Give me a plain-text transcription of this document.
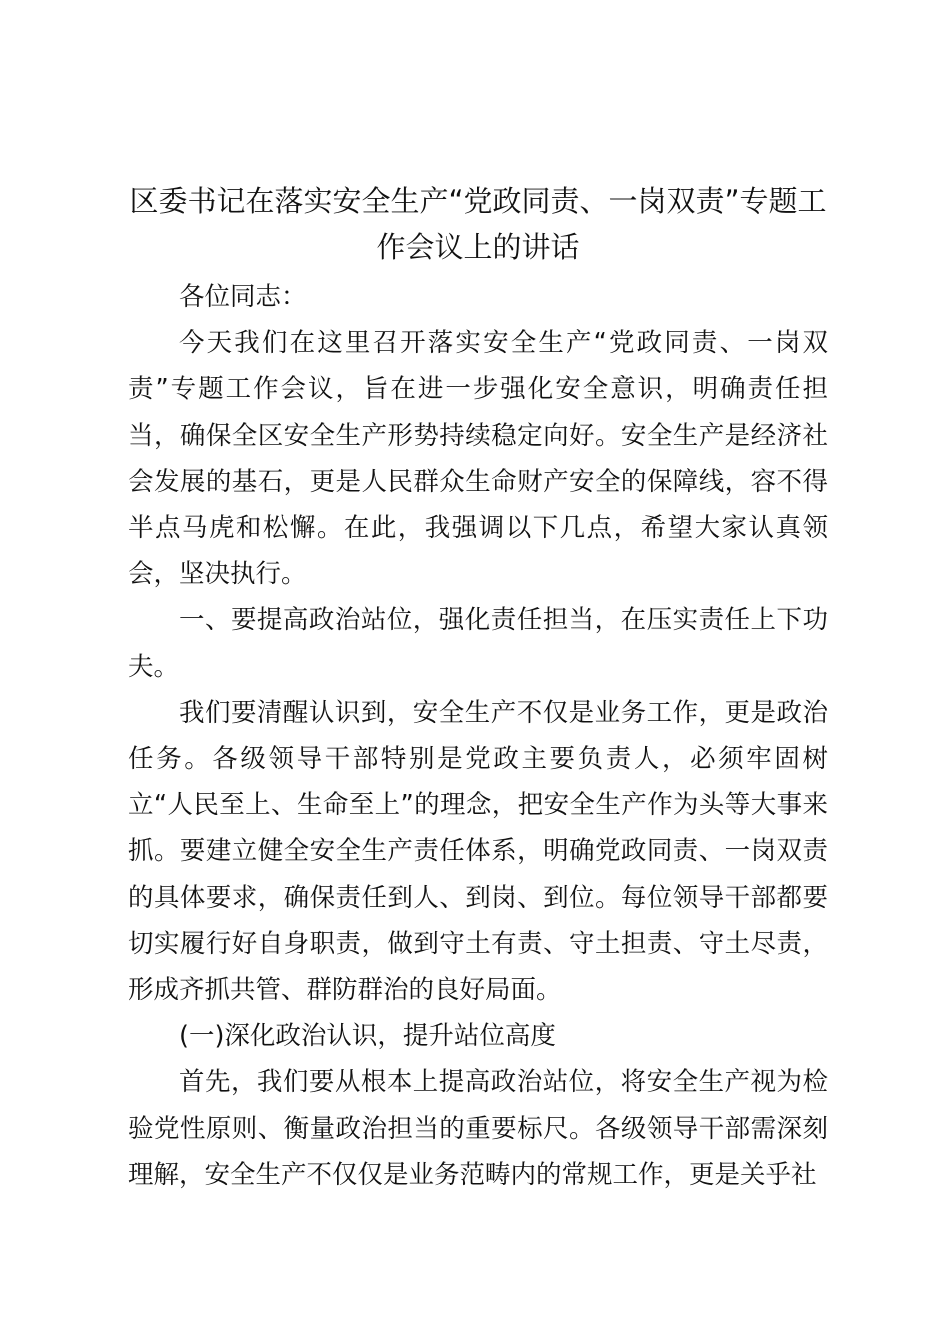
区委书记在落实安全生产“党政同责、一岗双责”专题工作会议上的讲话

各位同志：

今天我们在这里召开落实安全生产“党政同责、一岗双责”专题工作会议，旨在进一步强化安全意识，明确责任担当，确保全区安全生产形势持续稳定向好。安全生产是经济社会发展的基石，更是人民群众生命财产安全的保障线，容不得半点马虎和松懈。在此，我强调以下几点，希望大家认真领会，坚决执行。

一、要提高政治站位，强化责任担当，在压实责任上下功夫。

我们要清醒认识到，安全生产不仅是业务工作，更是政治任务。各级领导干部特别是党政主要负责人，必须牢固树立“人民至上、生命至上”的理念，把安全生产作为头等大事来抓。要建立健全安全生产责任体系，明确党政同责、一岗双责的具体要求，确保责任到人、到岗、到位。每位领导干部都要切实履行好自身职责，做到守土有责、守土担责、守土尽责，形成齐抓共管、群防群治的良好局面。

(一)深化政治认识，提升站位高度

首先，我们要从根本上提高政治站位，将安全生产视为检验党性原则、衡量政治担当的重要标尺。各级领导干部需深刻理解，安全生产不仅仅是业务范畴内的常规工作，更是关乎社
